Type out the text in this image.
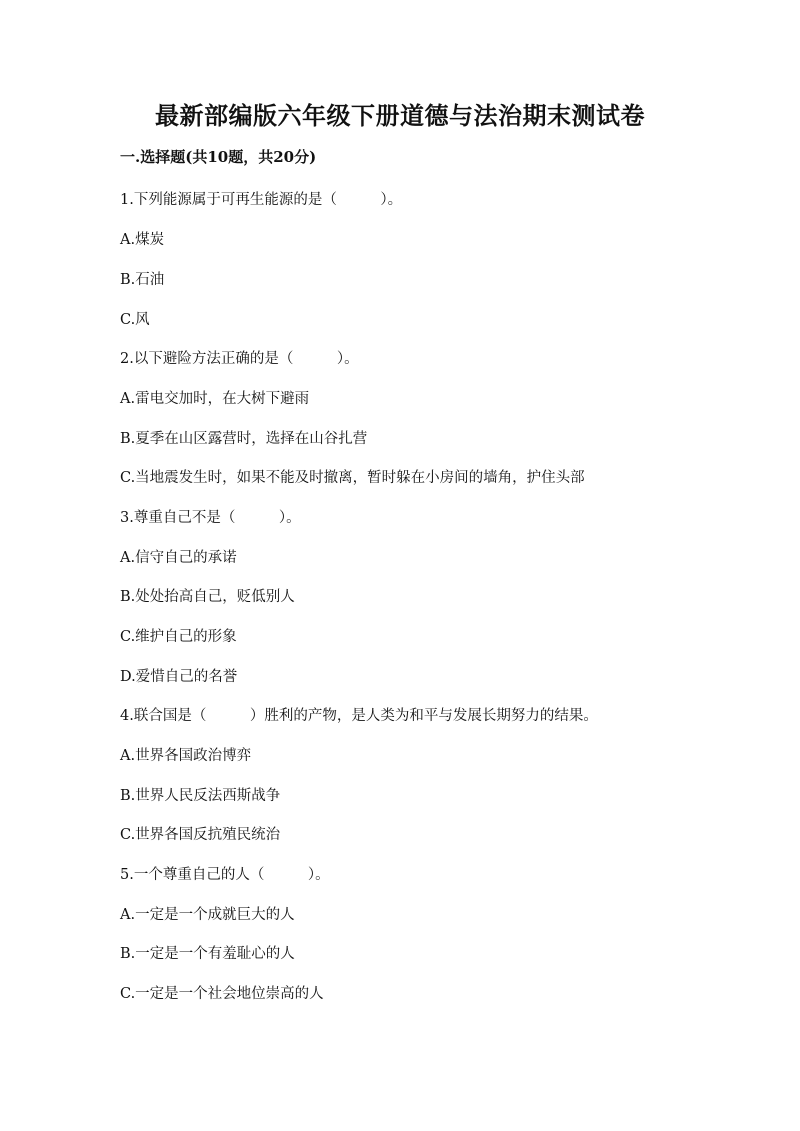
最新部编版六年级下册道德与法治期末测试卷
一.选择题(共10题，共20分)
1.下列能源属于可再生能源的是（　　　）。
A.煤炭
B.石油
C.风
2.以下避险方法正确的是（　　　）。
A.雷电交加时，在大树下避雨
B.夏季在山区露营时，选择在山谷扎营
C.当地震发生时，如果不能及时撤离，暂时躲在小房间的墙角，护住头部
3.尊重自己不是（　　　）。
A.信守自己的承诺
B.处处抬高自己，贬低别人
C.维护自己的形象
D.爱惜自己的名誉
4.联合国是（　　　）胜利的产物，是人类为和平与发展长期努力的结果。
A.世界各国政治博弈
B.世界人民反法西斯战争
C.世界各国反抗殖民统治
5.一个尊重自己的人（　　　）。
A.一定是一个成就巨大的人
B.一定是一个有羞耻心的人
C.一定是一个社会地位崇高的人
